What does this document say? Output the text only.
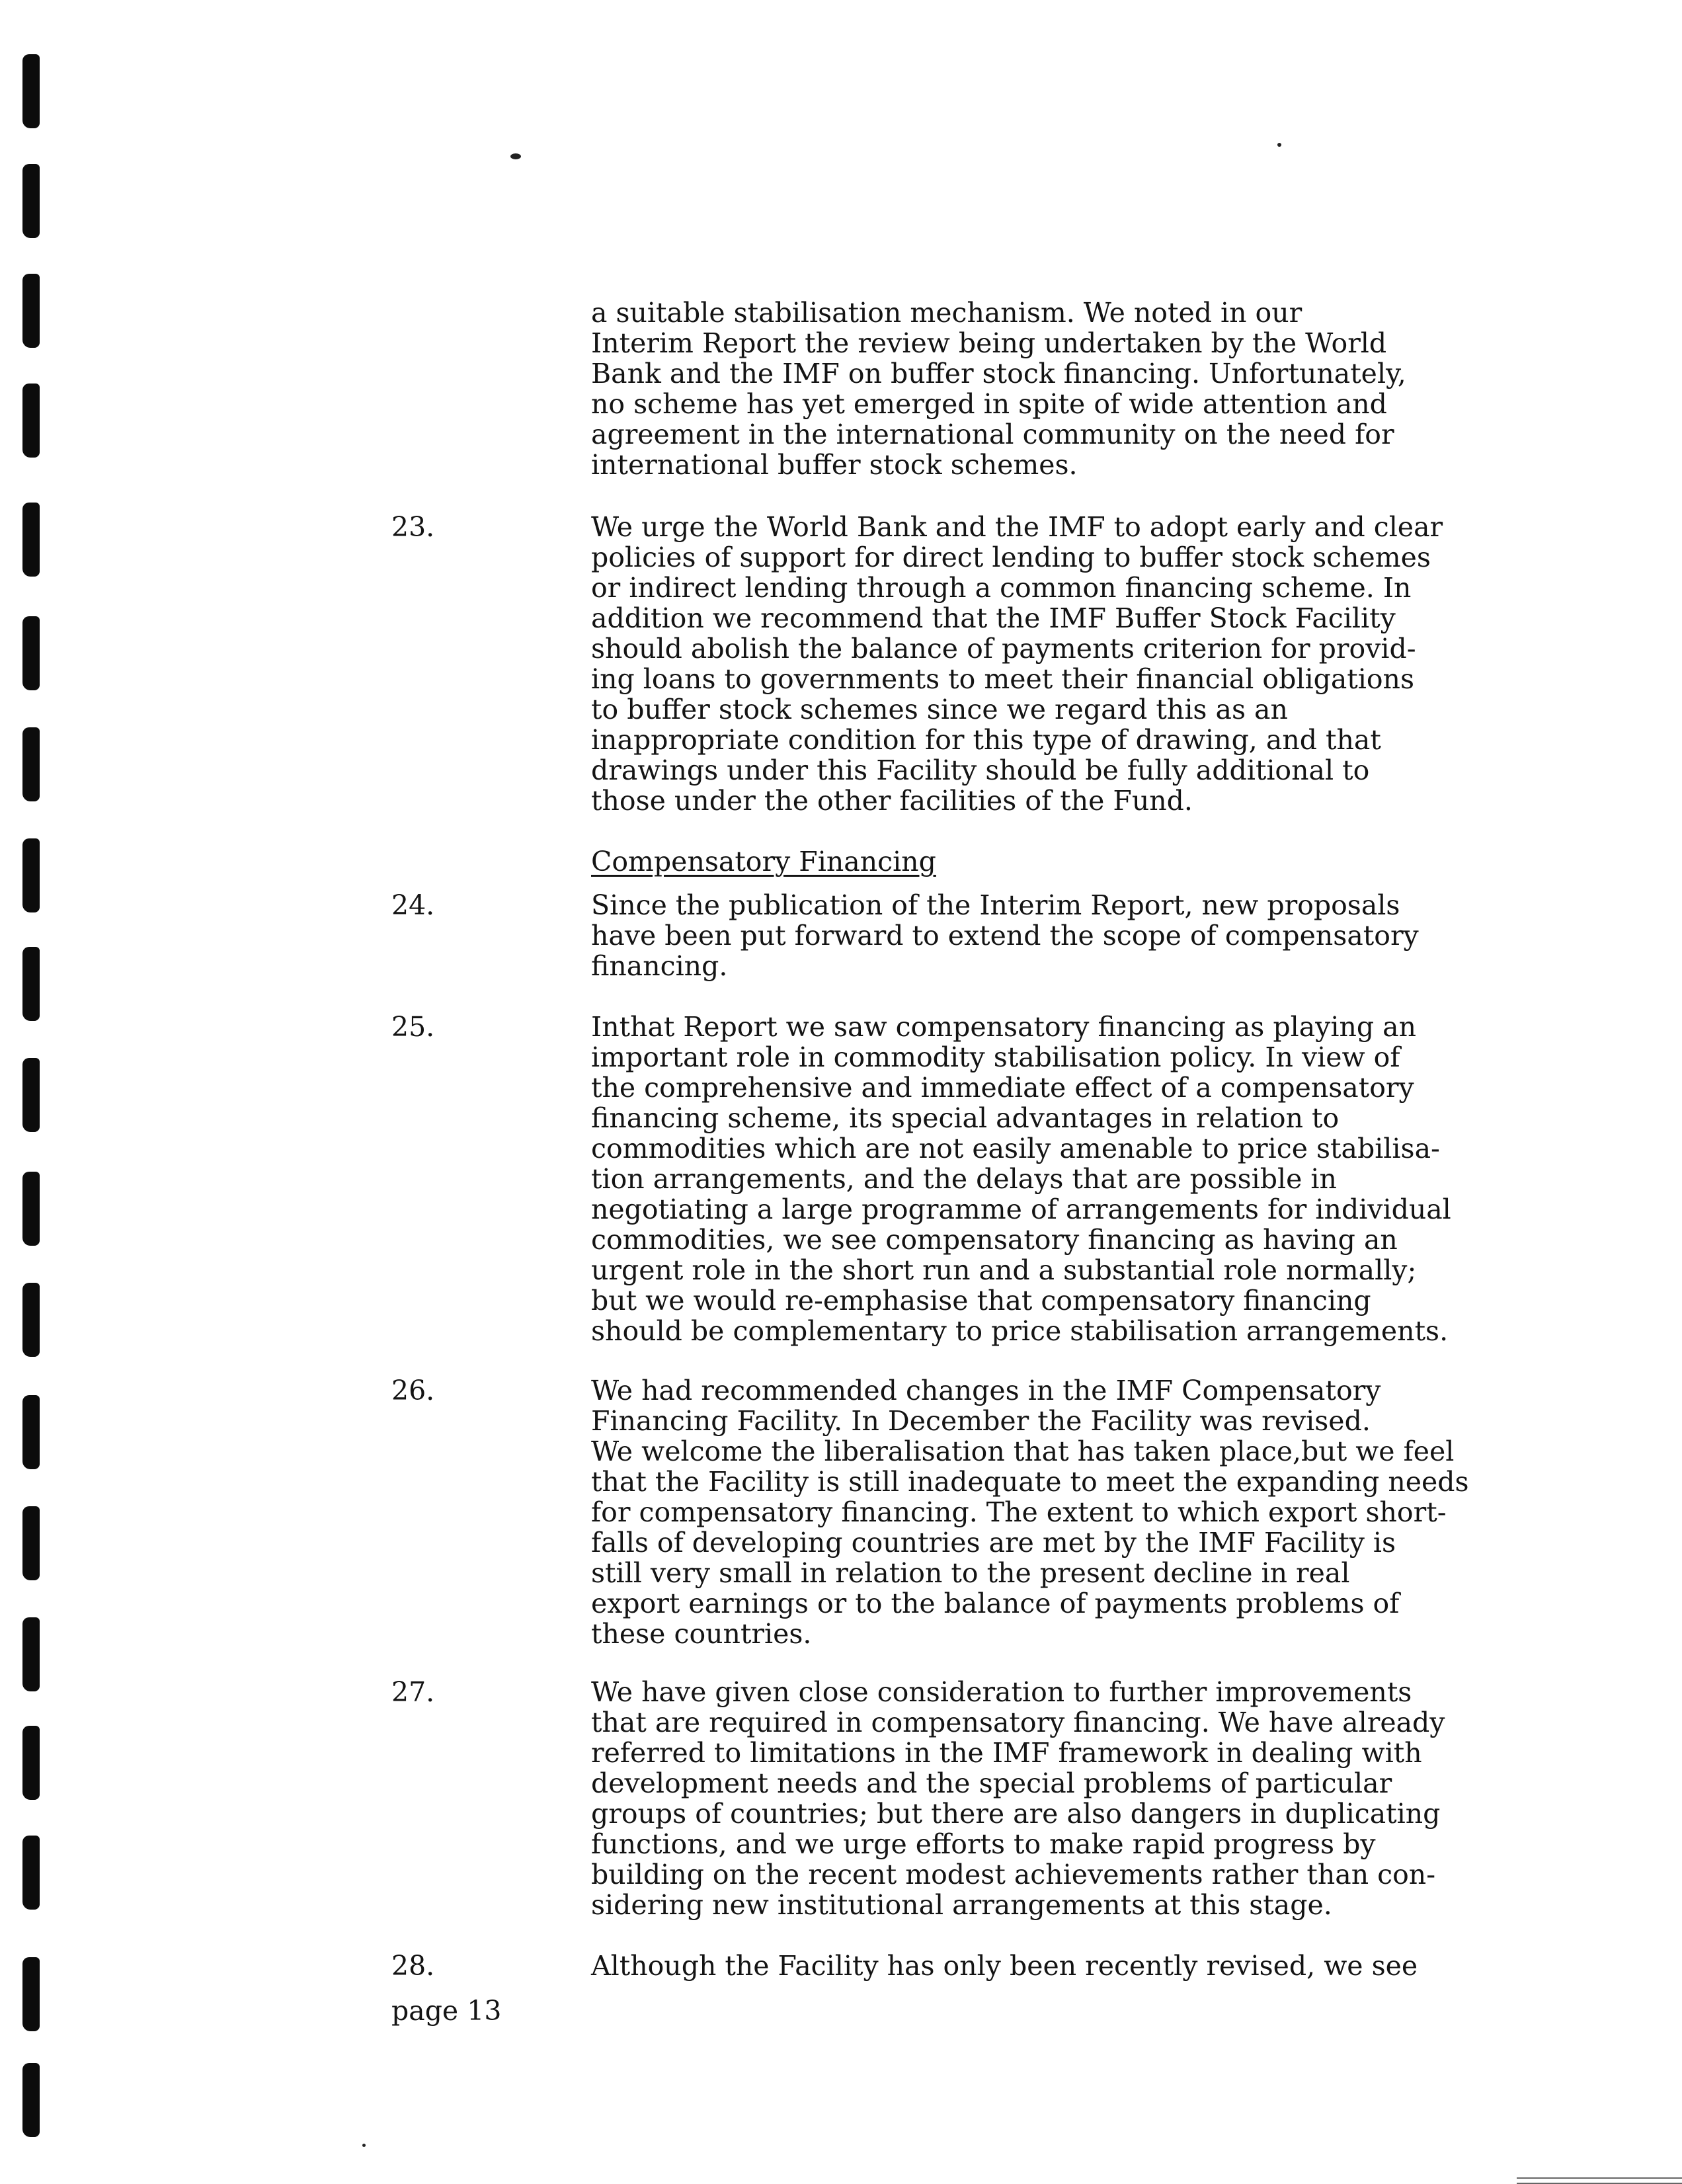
a suitable stabilisation mechanism. We noted in our
Interim Report the review being undertaken by the World
Bank and the IMF on buffer stock financing. Unfortunately,
no scheme has yet emerged in spite of wide attention and
agreement in the international community on the need for
international buffer stock schemes.
23.	We urge the World Bank and the IMF to adopt early and clear
policies of support for direct lending to buffer stock schemes
or indirect lending through a common financing scheme. In
addition we recommend that the IMF Buffer Stock Facility
should abolish the balance of payments criterion for provid-
ing loans to governments to meet their financial obligations
to buffer stock schemes since we regard this as an
inappropriate condition for this type of drawing, and that
drawings under this Facility should be fully additional to
those under the other facilities of the Fund.
Compensatory Financing
24.	Since the publication of the Interim Report, new proposals
have been put forward to extend the scope of compensatory
financing.
25.	Inthat Report we saw compensatory financing as playing an
important role in commodity stabilisation policy. In view of
the comprehensive and immediate effect of a compensatory
financing scheme, its special advantages in relation to
commodities which are not easily amenable to price stabilisa-
tion arrangements, and the delays that are possible in
negotiating a large programme of arrangements for individual
commodities, we see compensatory financing as having an
urgent role in the short run and a substantial role normally;
but we would re-emphasise that compensatory financing
should be complementary to price stabilisation arrangements.
26.	We had recommended changes in the IMF Compensatory
Financing Facility. In December the Facility was revised.
We welcome the liberalisation that has taken place,but we feel
that the Facility is still inadequate to meet the expanding needs
for compensatory financing. The extent to which export short-
falls of developing countries are met by the IMF Facility is
still very small in relation to the present decline in real
export earnings or to the balance of payments problems of
these countries.
27.	We have given close consideration to further improvements
that are required in compensatory financing. We have already
referred to limitations in the IMF framework in dealing with
development needs and the special problems of particular
groups of countries; but there are also dangers in duplicating
functions, and we urge efforts to make rapid progress by
building on the recent modest achievements rather than con-
sidering new institutional arrangements at this stage.
28.	Although the Facility has only been recently revised, we see
page 13
